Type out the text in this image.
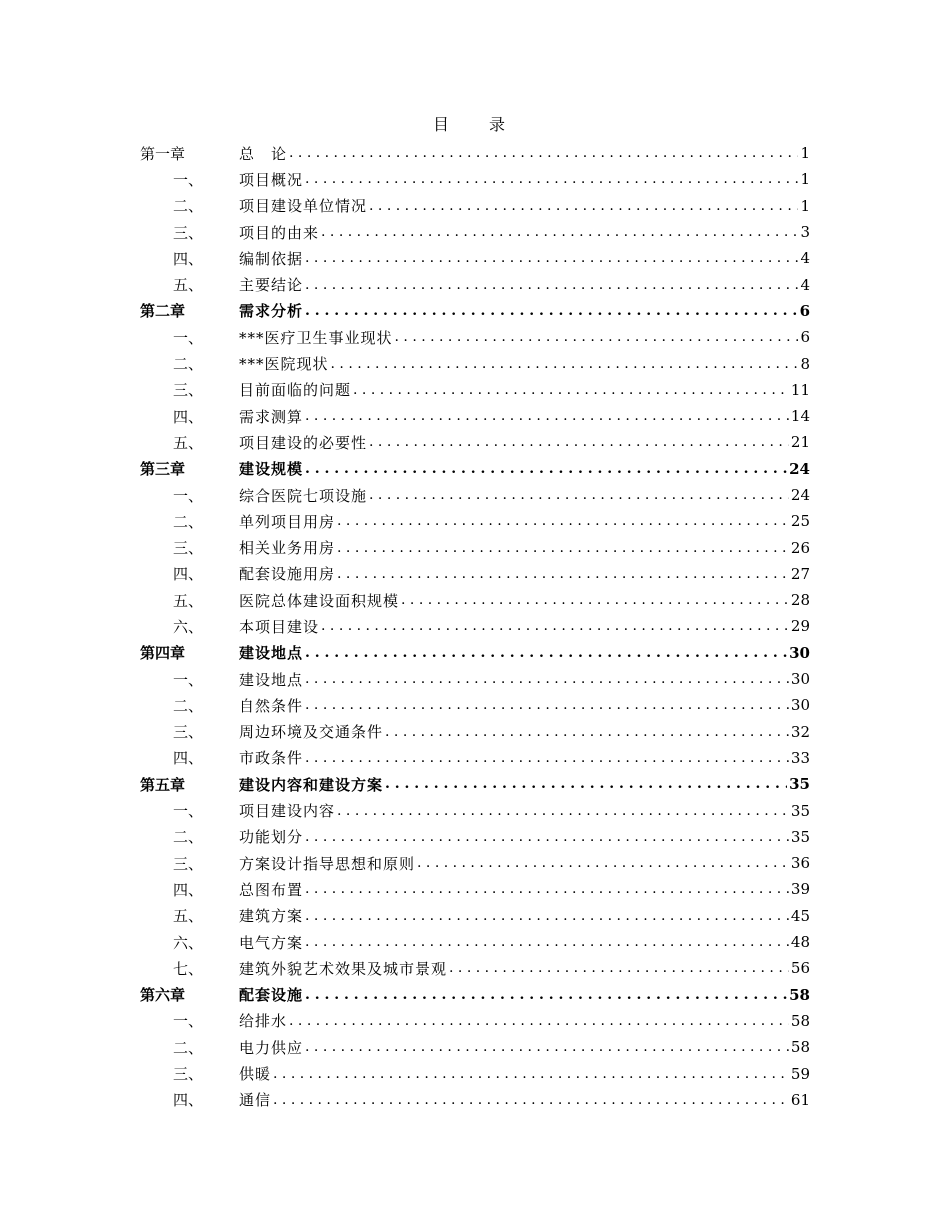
目　录
第一章	总　论 . . .	1
一、	项目概况 . . .	1
二、	项目建设单位情况 . . .	1
三、	项目的由来 . . .	3
四、	编制依据 . . .	4
五、	主要结论 . . .	4
第二章	需求分析 . . .	6
一、	***医疗卫生事业现状 . . .	6
二、	***医院现状 . . .	8
三、	目前面临的问题 . . .	11
四、	需求测算 . . .	14
五、	项目建设的必要性 . . .	21
第三章	建设规模 . . .	24
一、	综合医院七项设施 . . .	24
二、	单列项目用房 . . .	25
三、	相关业务用房 . . .	26
四、	配套设施用房 . . .	27
五、	医院总体建设面积规模 . . .	28
六、	本项目建设 . . .	29
第四章	建设地点 . . .	30
一、	建设地点 . . .	30
二、	自然条件 . . .	30
三、	周边环境及交通条件 . . .	32
四、	市政条件 . . .	33
第五章	建设内容和建设方案 . . .	35
一、	项目建设内容 . . .	35
二、	功能划分 . . .	35
三、	方案设计指导思想和原则 . . .	36
四、	总图布置 . . .	39
五、	建筑方案 . . .	45
六、	电气方案 . . .	48
七、	建筑外貌艺术效果及城市景观 . . .	56
第六章	配套设施 . . .	58
一、	给排水 . . .	58
二、	电力供应 . . .	58
三、	供暖 . . .	59
四、	通信 . . .	61
